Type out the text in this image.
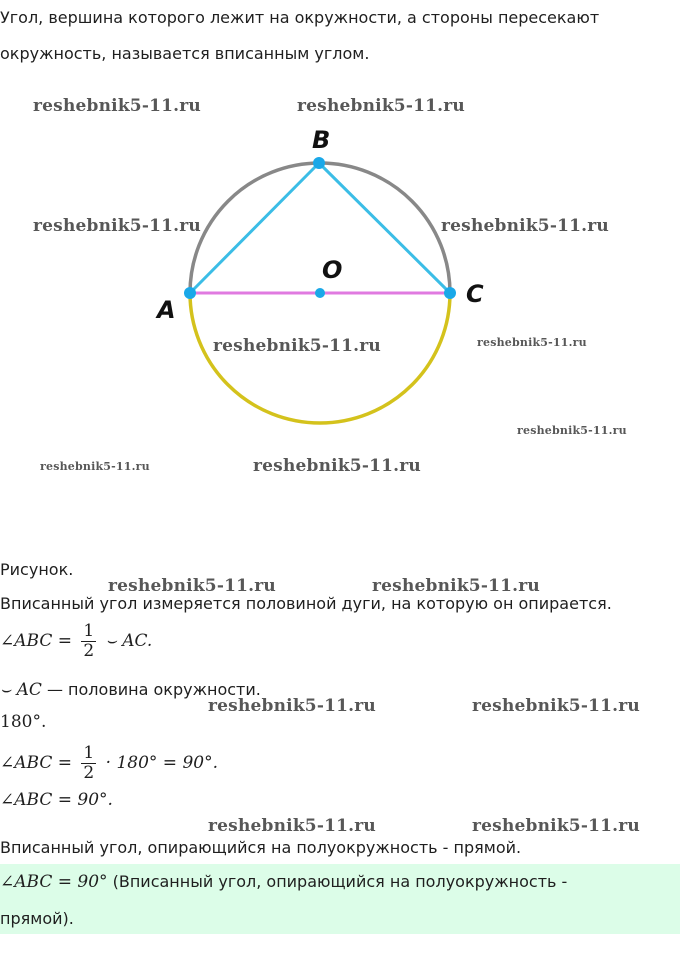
Угол, вершина которого лежит на окружности, а стороны пересекают
окружность, называется вписанным углом.
B
O
A
C
reshebnik5-11.ru	reshebnik5-11.ru
reshebnik5-11.ru	reshebnik5-11.ru
reshebnik5-11.ru	reshebnik5-11.ru
reshebnik5-11.ru
reshebnik5-11.ru	reshebnik5-11.ru
reshebnik5-11.ru	reshebnik5-11.ru
reshebnik5-11.ru	reshebnik5-11.ru
reshebnik5-11.ru	reshebnik5-11.ru
Рисунок.
Вписанный угол измеряется половиной дуги, на которую он опирается.
∠ABC = $\frac{1}{2}$ ⌣ AC.
⌣ AC — половина окружности.
180°.
∠ABC = $\frac{1}{2} \cdot 180^\circ = 90^\circ$.
∠ABC = 90°.
Вписанный угол, опирающийся на полуокружность - прямой.
∠ABC = 90° (Вписанный угол, опирающийся на полуокружность -
прямой).
